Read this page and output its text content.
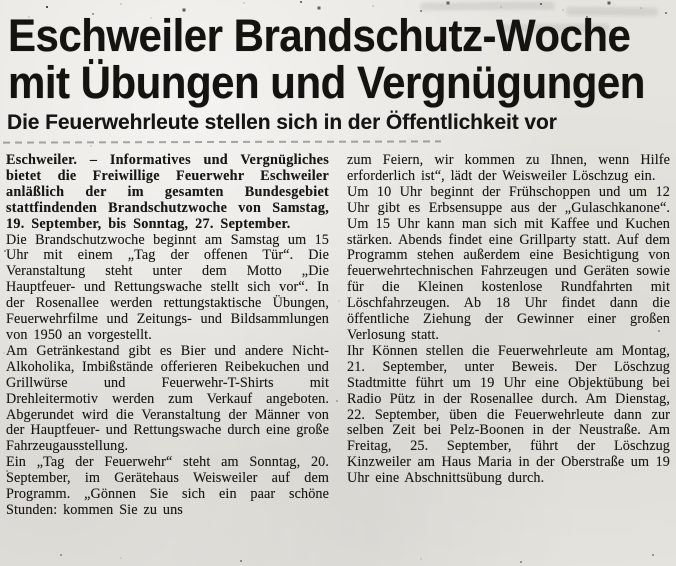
Eschweiler Brandschutz-Woche
mit Übungen und Vergnügungen
Die Feuerwehrleute stellen sich in der Öffentlichkeit vor

Eschweiler. – Informatives und Vergnügliches bietet die Freiwillige Feuerwehr Eschweiler anläßlich der im gesamten Bundesgebiet stattfindenden Brandschutzwoche von Samstag, 19. September, bis Sonntag, 27. September.

Die Brandschutzwoche beginnt am Samstag um 15 Uhr mit einem „Tag der offenen Tür“. Die Veranstaltung steht unter dem Motto „Die Hauptfeuer- und Rettungswache stellt sich vor“. In der Rosenallee werden rettungstaktische Übungen, Feuerwehrfilme und Zeitungs- und Bildsammlungen von 1950 an vorgestellt.

Am Getränkestand gibt es Bier und andere Nicht-Alkoholika, Imbißstände offerieren Reibekuchen und Grillwürse und Feuerwehr-T-Shirts mit Drehleitermotiv werden zum Verkauf angeboten. Abgerundet wird die Veranstaltung der Männer von der Hauptfeuer- und Rettungswache durch eine große Fahrzeugausstellung.

Ein „Tag der Feuerwehr“ steht am Sonntag, 20. September, im Gerätehaus Weisweiler auf dem Programm. „Gönnen Sie sich ein paar schöne Stunden: kommen Sie zu uns

zum Feiern, wir kommen zu Ihnen, wenn Hilfe erforderlich ist“, lädt der Weisweiler Löschzug ein.

Um 10 Uhr beginnt der Frühschoppen und um 12 Uhr gibt es Erbsensuppe aus der „Gulaschkanone“. Um 15 Uhr kann man sich mit Kaffee und Kuchen stärken. Abends findet eine Grillparty statt. Auf dem Programm stehen außerdem eine Besichtigung von feuerwehrtechnischen Fahrzeugen und Geräten sowie für die Kleinen kostenlose Rundfahrten mit Löschfahrzeugen. Ab 18 Uhr findet dann die öffentliche Ziehung der Gewinner einer großen Verlosung statt.

Ihr Können stellen die Feuerwehrleute am Montag, 21. September, unter Beweis. Der Löschzug Stadtmitte führt um 19 Uhr eine Objektübung bei Radio Pütz in der Rosenallee durch. Am Dienstag, 22. September, üben die Feuerwehrleute dann zur selben Zeit bei Pelz-Boonen in der Neustraße. Am Freitag, 25. September, führt der Löschzug Kinzweiler am Haus Maria in der Oberstraße um 19 Uhr eine Abschnittsübung durch.
